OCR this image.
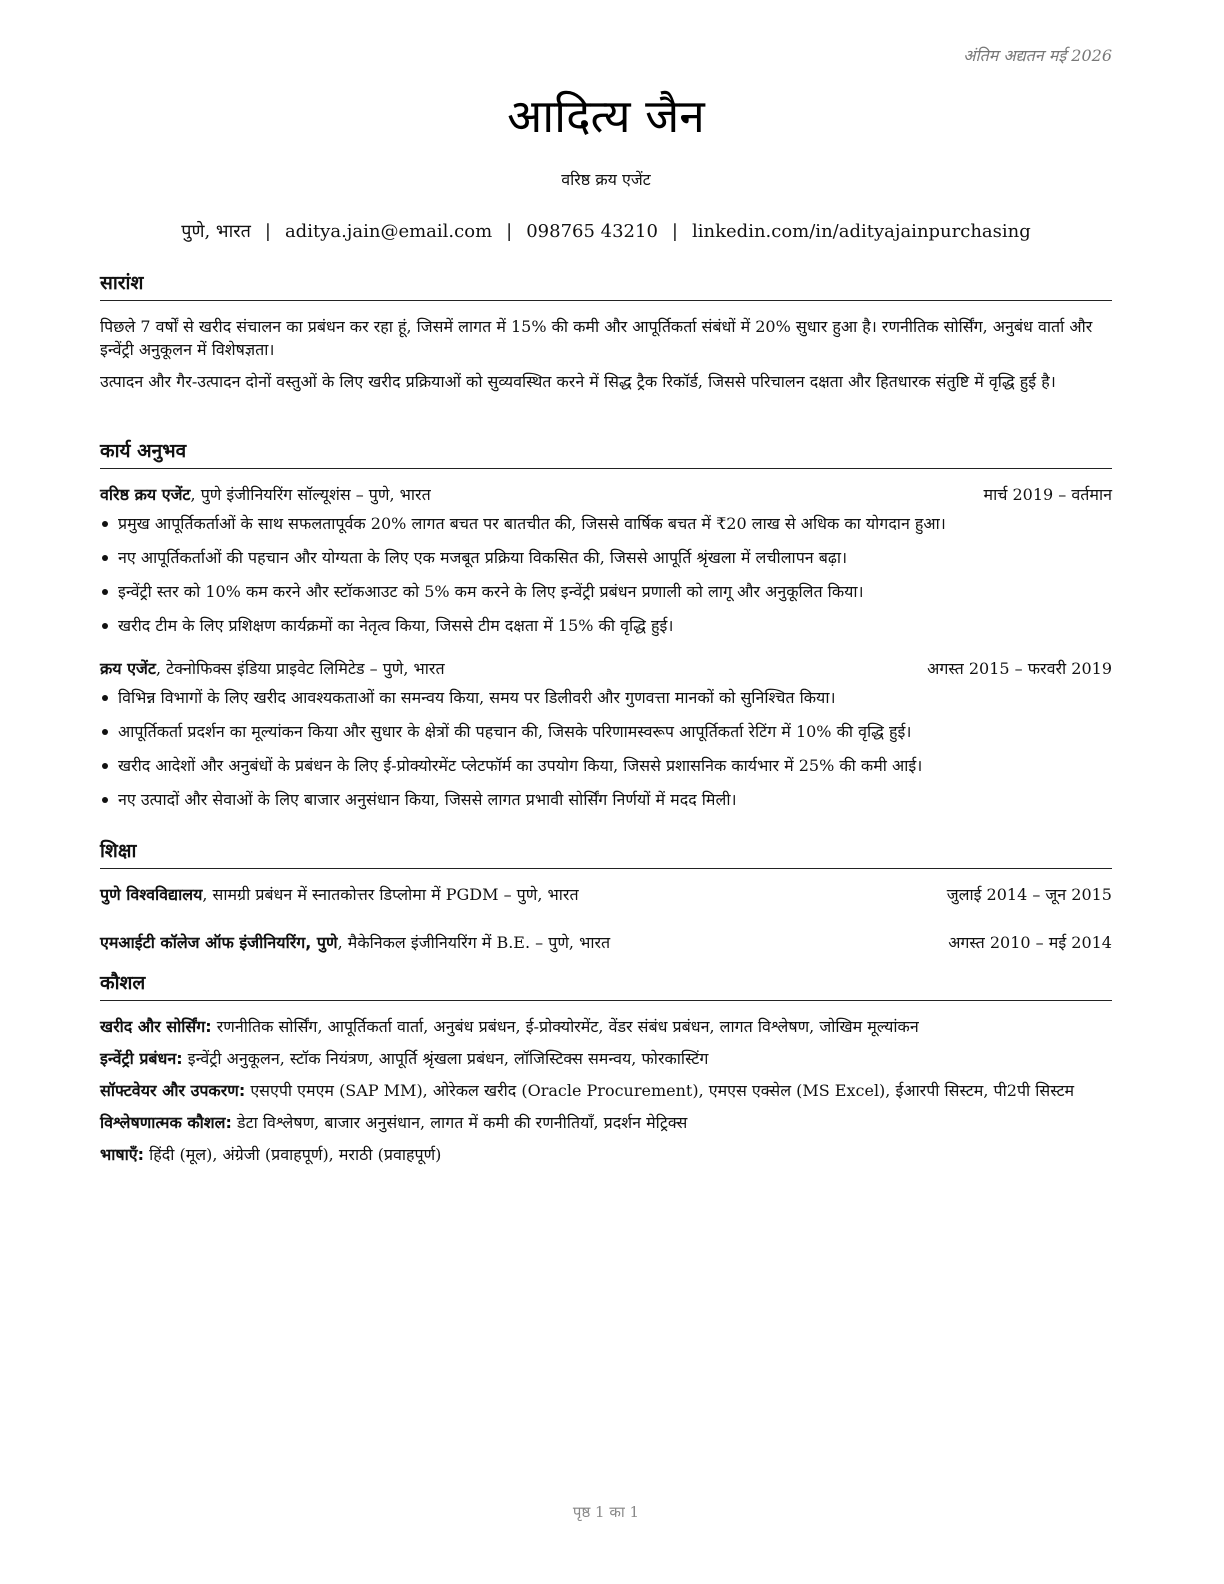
अंतिम अद्यतन मई 2026
आदित्य जैन
वरिष्ठ क्रय एजेंट
पुणे, भारत | aditya.jain@email.com | 098765 43210 | linkedin.com/in/adityajainpurchasing
सारांश

पिछले 7 वर्षों से खरीद संचालन का प्रबंधन कर रहा हूं, जिसमें लागत में 15% की कमी और आपूर्तिकर्ता संबंधों में 20% सुधार हुआ है। रणनीतिक सोर्सिंग, अनुबंध वार्ता और इन्वेंट्री अनुकूलन में विशेषज्ञता।

उत्पादन और गैर-उत्पादन दोनों वस्तुओं के लिए खरीद प्रक्रियाओं को सुव्यवस्थित करने में सिद्ध ट्रैक रिकॉर्ड, जिससे परिचालन दक्षता और हितधारक संतुष्टि में वृद्धि हुई है।

कार्य अनुभव
वरिष्ठ क्रय एजेंट, पुणे इंजीनियरिंग सॉल्यूशंस – पुणे, भारत	मार्च 2019 – वर्तमान
प्रमुख आपूर्तिकर्ताओं के साथ सफलतापूर्वक 20% लागत बचत पर बातचीत की, जिससे वार्षिक बचत में ₹20 लाख से अधिक का योगदान हुआ।
नए आपूर्तिकर्ताओं की पहचान और योग्यता के लिए एक मजबूत प्रक्रिया विकसित की, जिससे आपूर्ति श्रृंखला में लचीलापन बढ़ा।
इन्वेंट्री स्तर को 10% कम करने और स्टॉकआउट को 5% कम करने के लिए इन्वेंट्री प्रबंधन प्रणाली को लागू और अनुकूलित किया।
खरीद टीम के लिए प्रशिक्षण कार्यक्रमों का नेतृत्व किया, जिससे टीम दक्षता में 15% की वृद्धि हुई।
क्रय एजेंट, टेक्नोफिक्स इंडिया प्राइवेट लिमिटेड – पुणे, भारत	अगस्त 2015 – फरवरी 2019
विभिन्न विभागों के लिए खरीद आवश्यकताओं का समन्वय किया, समय पर डिलीवरी और गुणवत्ता मानकों को सुनिश्चित किया।
आपूर्तिकर्ता प्रदर्शन का मूल्यांकन किया और सुधार के क्षेत्रों की पहचान की, जिसके परिणामस्वरूप आपूर्तिकर्ता रेटिंग में 10% की वृद्धि हुई।
खरीद आदेशों और अनुबंधों के प्रबंधन के लिए ई-प्रोक्योरमेंट प्लेटफॉर्म का उपयोग किया, जिससे प्रशासनिक कार्यभार में 25% की कमी आई।
नए उत्पादों और सेवाओं के लिए बाजार अनुसंधान किया, जिससे लागत प्रभावी सोर्सिंग निर्णयों में मदद मिली।
शिक्षा
पुणे विश्वविद्यालय, सामग्री प्रबंधन में स्नातकोत्तर डिप्लोमा में PGDM – पुणे, भारत	जुलाई 2014 – जून 2015
एमआईटी कॉलेज ऑफ इंजीनियरिंग, पुणे, मैकेनिकल इंजीनियरिंग में B.E. – पुणे, भारत	अगस्त 2010 – मई 2014
कौशल

खरीद और सोर्सिंग: रणनीतिक सोर्सिंग, आपूर्तिकर्ता वार्ता, अनुबंध प्रबंधन, ई-प्रोक्योरमेंट, वेंडर संबंध प्रबंधन, लागत विश्लेषण, जोखिम मूल्यांकन

इन्वेंट्री प्रबंधन: इन्वेंट्री अनुकूलन, स्टॉक नियंत्रण, आपूर्ति श्रृंखला प्रबंधन, लॉजिस्टिक्स समन्वय, फोरकास्टिंग

सॉफ्टवेयर और उपकरण: एसएपी एमएम (SAP MM), ओरेकल खरीद (Oracle Procurement), एमएस एक्सेल (MS Excel), ईआरपी सिस्टम, पी2पी सिस्टम

विश्लेषणात्मक कौशल: डेटा विश्लेषण, बाजार अनुसंधान, लागत में कमी की रणनीतियाँ, प्रदर्शन मेट्रिक्स

भाषाएँ: हिंदी (मूल), अंग्रेजी (प्रवाहपूर्ण), मराठी (प्रवाहपूर्ण)

पृष्ठ 1 का 1
